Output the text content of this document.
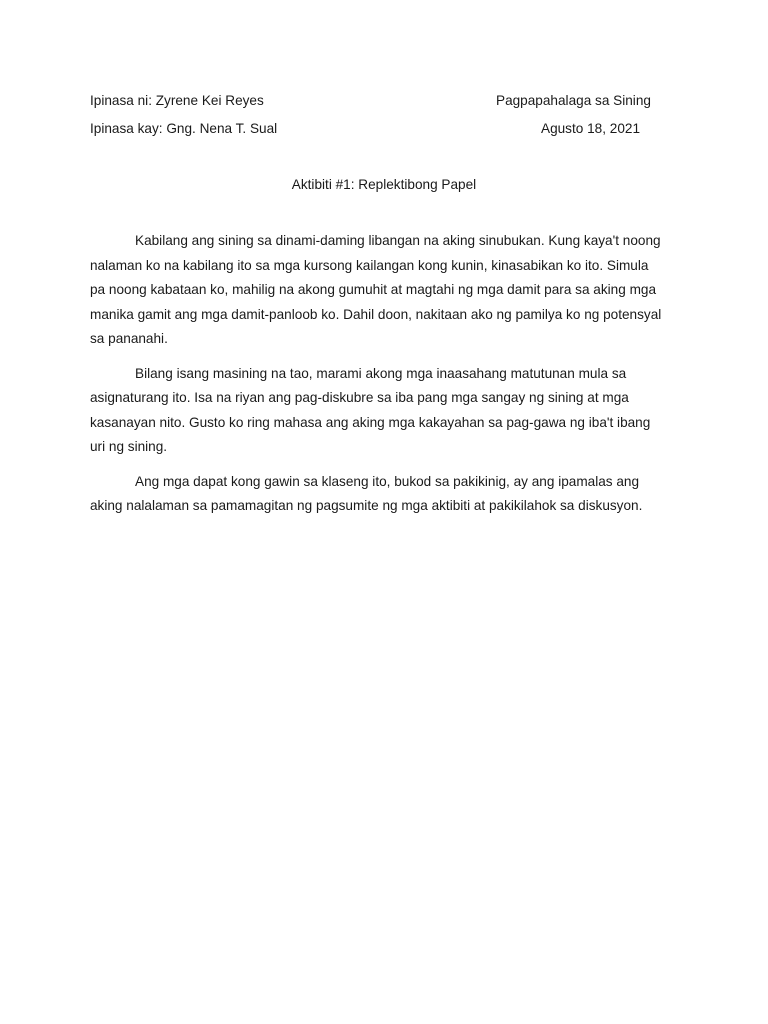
Ipinasa ni: Zyrene Kei Reyes	Pagpapahalaga sa Sining
Ipinasa kay: Gng. Nena T. Sual	Agusto 18, 2021
Aktibiti #1: Replektibong Papel

Kabilang ang sining sa dinami-daming libangan na aking sinubukan. Kung kaya't noong nalaman ko na kabilang ito sa mga kursong kailangan kong kunin, kinasabikan ko ito. Simula pa noong kabataan ko, mahilig na akong gumuhit at magtahi ng mga damit para sa aking mga manika gamit ang mga damit-panloob ko. Dahil doon, nakitaan ako ng pamilya ko ng potensyal sa pananahi.

Bilang isang masining na tao, marami akong mga inaasahang matutunan mula sa asignaturang ito. Isa na riyan ang pag-diskubre sa iba pang mga sangay ng sining at mga kasanayan nito. Gusto ko ring mahasa ang aking mga kakayahan sa pag-gawa ng iba't ibang uri ng sining.

Ang mga dapat kong gawin sa klaseng ito, bukod sa pakikinig, ay ang ipamalas ang aking nalalaman sa pamamagitan ng pagsumite ng mga aktibiti at pakikilahok sa diskusyon.
